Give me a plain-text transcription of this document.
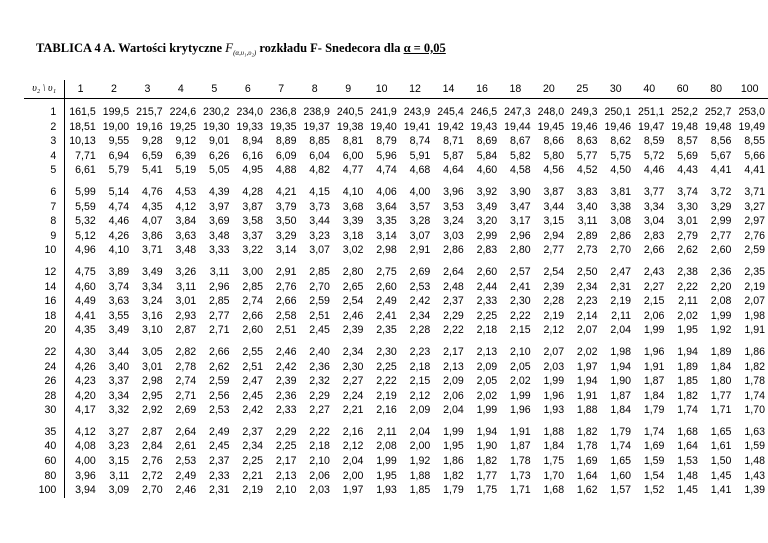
TABLICA 4 A. Wartości krytyczne $F_{(\alpha,\upsilon_1,\upsilon_2)}$ rozkładu F- Snedecora dla α = 0,05
υ₂ \ υ₁	1	2	3	4	5	6	7	8	9	10	12	14	16	18	20	25	30	40	60	80	100

1	161,5	199,5	215,7	224,6	230,2	234,0	236,8	238,9	240,5	241,9	243,9	245,4	246,5	247,3	248,0	249,3	250,1	251,1	252,2	252,7	253,0
2	18,51	19,00	19,16	19,25	19,30	19,33	19,35	19,37	19,38	19,40	19,41	19,42	19,43	19,44	19,45	19,46	19,46	19,47	19,48	19,48	19,49
3	10,13	9,55	9,28	9,12	9,01	8,94	8,89	8,85	8,81	8,79	8,74	8,71	8,69	8,67	8,66	8,63	8,62	8,59	8,57	8,56	8,55
4	7,71	6,94	6,59	6,39	6,26	6,16	6,09	6,04	6,00	5,96	5,91	5,87	5,84	5,82	5,80	5,77	5,75	5,72	5,69	5,67	5,66
5	6,61	5,79	5,41	5,19	5,05	4,95	4,88	4,82	4,77	4,74	4,68	4,64	4,60	4,58	4,56	4,52	4,50	4,46	4,43	4,41	4,41

6	5,99	5,14	4,76	4,53	4,39	4,28	4,21	4,15	4,10	4,06	4,00	3,96	3,92	3,90	3,87	3,83	3,81	3,77	3,74	3,72	3,71
7	5,59	4,74	4,35	4,12	3,97	3,87	3,79	3,73	3,68	3,64	3,57	3,53	3,49	3,47	3,44	3,40	3,38	3,34	3,30	3,29	3,27
8	5,32	4,46	4,07	3,84	3,69	3,58	3,50	3,44	3,39	3,35	3,28	3,24	3,20	3,17	3,15	3,11	3,08	3,04	3,01	2,99	2,97
9	5,12	4,26	3,86	3,63	3,48	3,37	3,29	3,23	3,18	3,14	3,07	3,03	2,99	2,96	2,94	2,89	2,86	2,83	2,79	2,77	2,76
10	4,96	4,10	3,71	3,48	3,33	3,22	3,14	3,07	3,02	2,98	2,91	2,86	2,83	2,80	2,77	2,73	2,70	2,66	2,62	2,60	2,59

12	4,75	3,89	3,49	3,26	3,11	3,00	2,91	2,85	2,80	2,75	2,69	2,64	2,60	2,57	2,54	2,50	2,47	2,43	2,38	2,36	2,35
14	4,60	3,74	3,34	3,11	2,96	2,85	2,76	2,70	2,65	2,60	2,53	2,48	2,44	2,41	2,39	2,34	2,31	2,27	2,22	2,20	2,19
16	4,49	3,63	3,24	3,01	2,85	2,74	2,66	2,59	2,54	2,49	2,42	2,37	2,33	2,30	2,28	2,23	2,19	2,15	2,11	2,08	2,07
18	4,41	3,55	3,16	2,93	2,77	2,66	2,58	2,51	2,46	2,41	2,34	2,29	2,25	2,22	2,19	2,14	2,11	2,06	2,02	1,99	1,98
20	4,35	3,49	3,10	2,87	2,71	2,60	2,51	2,45	2,39	2,35	2,28	2,22	2,18	2,15	2,12	2,07	2,04	1,99	1,95	1,92	1,91

22	4,30	3,44	3,05	2,82	2,66	2,55	2,46	2,40	2,34	2,30	2,23	2,17	2,13	2,10	2,07	2,02	1,98	1,96	1,94	1,89	1,86
24	4,26	3,40	3,01	2,78	2,62	2,51	2,42	2,36	2,30	2,25	2,18	2,13	2,09	2,05	2,03	1,97	1,94	1,91	1,89	1,84	1,82
26	4,23	3,37	2,98	2,74	2,59	2,47	2,39	2,32	2,27	2,22	2,15	2,09	2,05	2,02	1,99	1,94	1,90	1,87	1,85	1,80	1,78
28	4,20	3,34	2,95	2,71	2,56	2,45	2,36	2,29	2,24	2,19	2,12	2,06	2,02	1,99	1,96	1,91	1,87	1,84	1,82	1,77	1,74
30	4,17	3,32	2,92	2,69	2,53	2,42	2,33	2,27	2,21	2,16	2,09	2,04	1,99	1,96	1,93	1,88	1,84	1,79	1,74	1,71	1,70

35	4,12	3,27	2,87	2,64	2,49	2,37	2,29	2,22	2,16	2,11	2,04	1,99	1,94	1,91	1,88	1,82	1,79	1,74	1,68	1,65	1,63
40	4,08	3,23	2,84	2,61	2,45	2,34	2,25	2,18	2,12	2,08	2,00	1,95	1,90	1,87	1,84	1,78	1,74	1,69	1,64	1,61	1,59
60	4,00	3,15	2,76	2,53	2,37	2,25	2,17	2,10	2,04	1,99	1,92	1,86	1,82	1,78	1,75	1,69	1,65	1,59	1,53	1,50	1,48
80	3,96	3,11	2,72	2,49	2,33	2,21	2,13	2,06	2,00	1,95	1,88	1,82	1,77	1,73	1,70	1,64	1,60	1,54	1,48	1,45	1,43
100	3,94	3,09	2,70	2,46	2,31	2,19	2,10	2,03	1,97	1,93	1,85	1,79	1,75	1,71	1,68	1,62	1,57	1,52	1,45	1,41	1,39
